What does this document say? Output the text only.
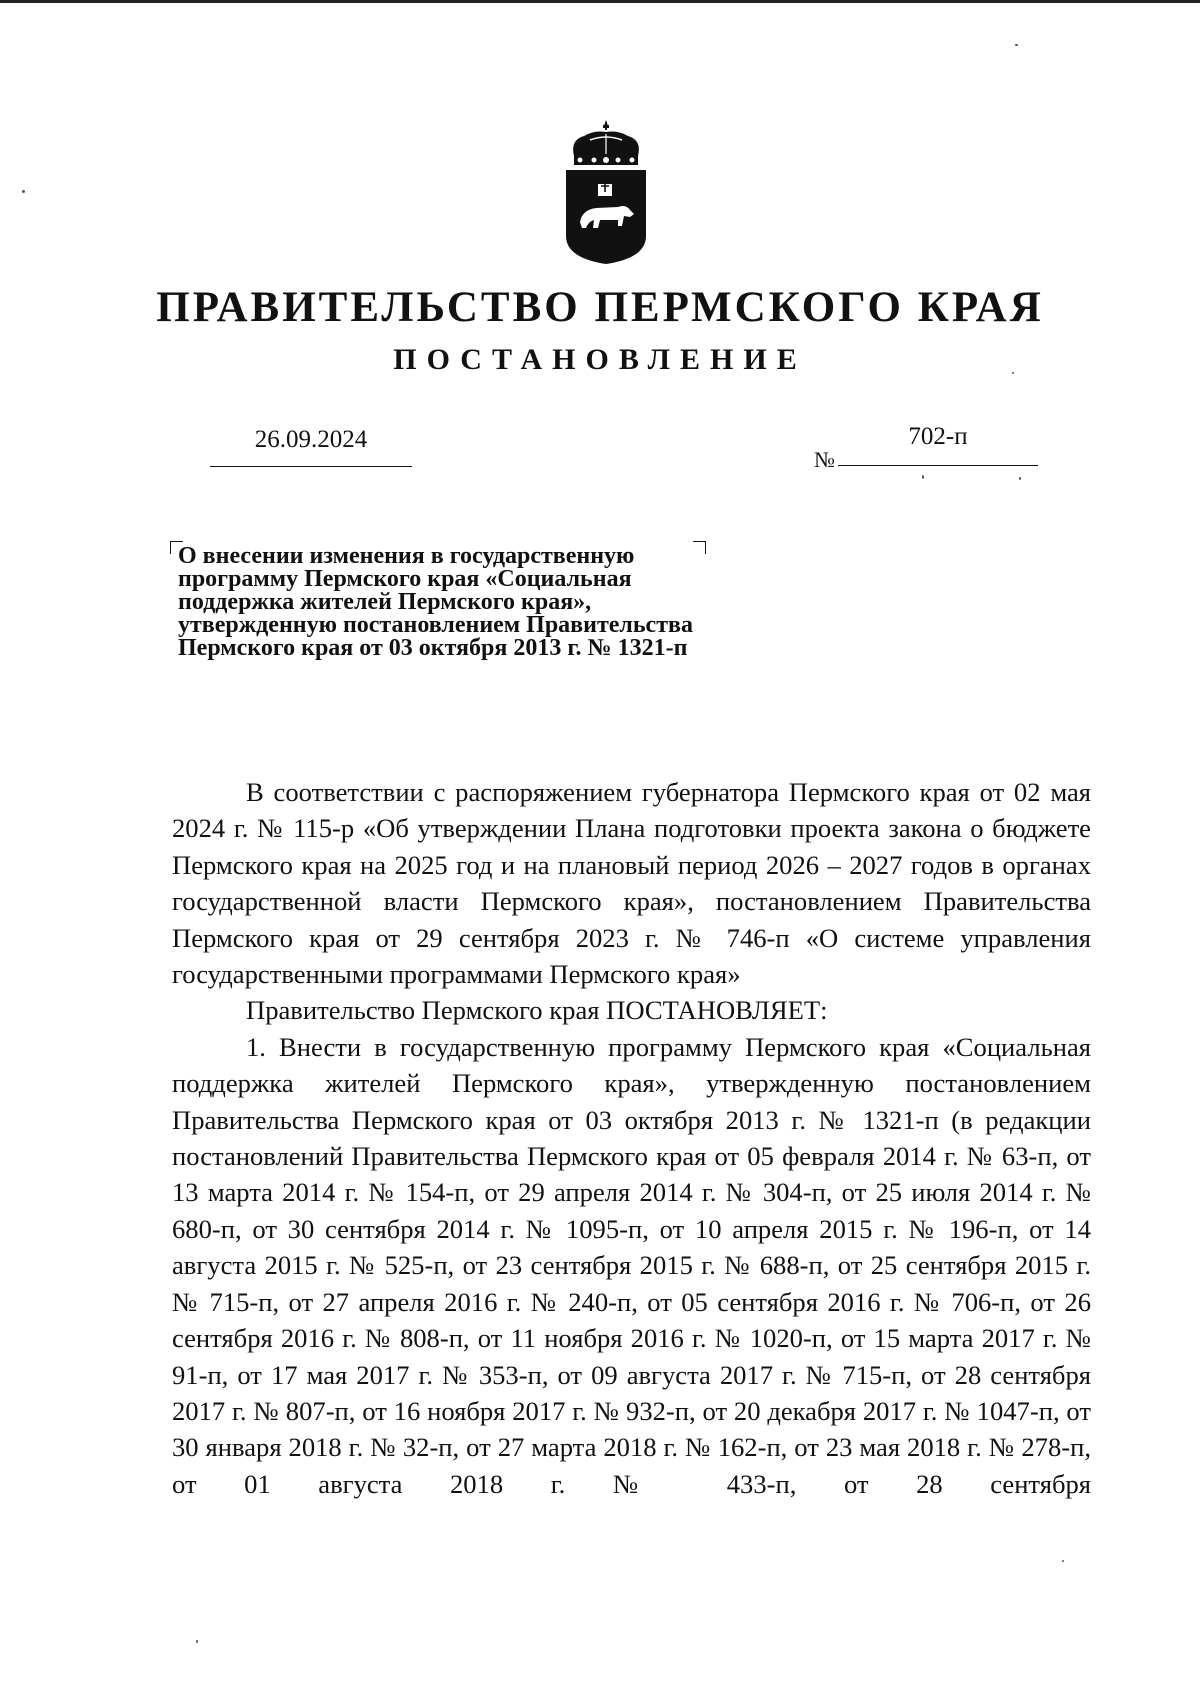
ПРАВИТЕЛЬСТВО ПЕРМСКОГО КРАЯ
ПОСТАНОВЛЕНИЕ
26.09.2024
№
702-п
О внесении изменения в государственную
программу Пермского края «Социальная
поддержка жителей Пермского края»,
утвержденную постановлением Правительства
Пермского края от 03 октября 2013 г. № 1321-п

В соответствии с распоряжением губернатора Пермского края от 02 мая 2024 г. № 115-р «Об утверждении Плана подготовки проекта закона о бюджете Пермского края на 2025 год и на плановый период 2026 – 2027 годов в органах государственной власти Пермского края», постановлением Правительства Пермского края от 29 сентября 2023 г. № 746-п «О системе управления государственными программами Пермского края»

Правительство Пермского края ПОСТАНОВЛЯЕТ:

1. Внести в государственную программу Пермского края «Социальная поддержка жителей Пермского края», утвержденную постановлением Правительства Пермского края от 03 октября 2013 г. № 1321-п (в редакции постановлений Правительства Пермского края от 05 февраля 2014 г. № 63-п, от 13 марта 2014 г. № 154-п, от 29 апреля 2014 г. № 304-п, от 25 июля 2014 г. № 680-п, от 30 сентября 2014 г. № 1095-п, от 10 апреля 2015 г. № 196-п, от 14 августа 2015 г. № 525-п, от 23 сентября 2015 г. № 688-п, от 25 сентября 2015 г. № 715-п, от 27 апреля 2016 г. № 240-п, от 05 сентября 2016 г. № 706-п, от 26 сентября 2016 г. № 808-п, от 11 ноября 2016 г. № 1020-п, от 15 марта 2017 г. № 91-п, от 17 мая 2017 г. № 353-п, от 09 августа 2017 г. № 715-п, от 28 сентября 2017 г. № 807-п, от 16 ноября 2017 г. № 932-п, от 20 декабря 2017 г. № 1047-п, от 30 января 2018 г. № 32-п, от 27 марта 2018 г. № 162-п, от 23 мая 2018 г. № 278-п, от 01 августа 2018 г. № 433-п, от 28 сентября
